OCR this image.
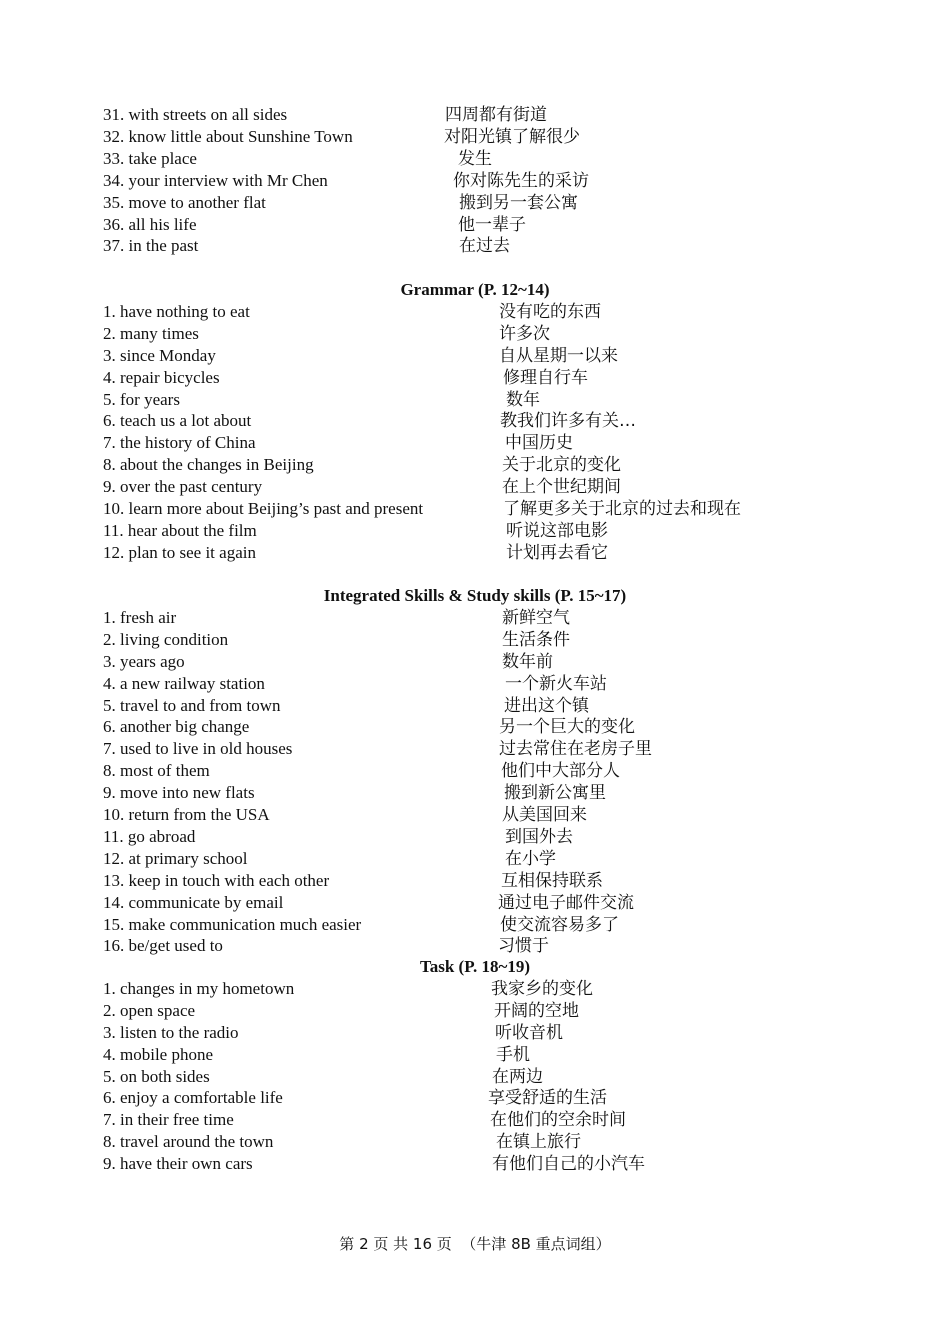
31. with streets on all sides	四周都有街道
32. know little about Sunshine Town	对阳光镇了解很少
33. take place	发生
34. your interview with Mr Chen	你对陈先生的采访
35. move to another flat	搬到另一套公寓
36. all his life	他一辈子
37. in the past	在过去
Grammar (P. 12~14)
1. have nothing to eat	没有吃的东西
2. many times	许多次
3. since Monday	自从星期一以来
4. repair bicycles	修理自行车
5. for years	数年
6. teach us a lot about	教我们许多有关…
7. the history of China	中国历史
8. about the changes in Beijing	关于北京的变化
9. over the past century	在上个世纪期间
10. learn more about Beijing’s past and present	了解更多关于北京的过去和现在
11. hear about the film	听说这部电影
12. plan to see it again	计划再去看它
Integrated Skills & Study skills (P. 15~17)
1. fresh air	新鲜空气
2. living condition	生活条件
3. years ago	数年前
4. a new railway station	一个新火车站
5. travel to and from town	进出这个镇
6. another big change	另一个巨大的变化
7. used to live in old houses	过去常住在老房子里
8. most of them	他们中大部分人
9. move into new flats	搬到新公寓里
10. return from the USA	从美国回来
11. go abroad	到国外去
12. at primary school	在小学
13. keep in touch with each other	互相保持联系
14. communicate by email	通过电子邮件交流
15. make communication much easier	使交流容易多了
16. be/get used to	习惯于
Task (P. 18~19)
1. changes in my hometown	我家乡的变化
2. open space	开阔的空地
3. listen to the radio	听收音机
4. mobile phone	手机
5. on both sides	在两边
6. enjoy a comfortable life	享受舒适的生活
7. in their free time	在他们的空余时间
8. travel around the town	在镇上旅行
9. have their own cars	有他们自己的小汽车
第 2 页 共 16 页  （牛津 8B 重点词组）
